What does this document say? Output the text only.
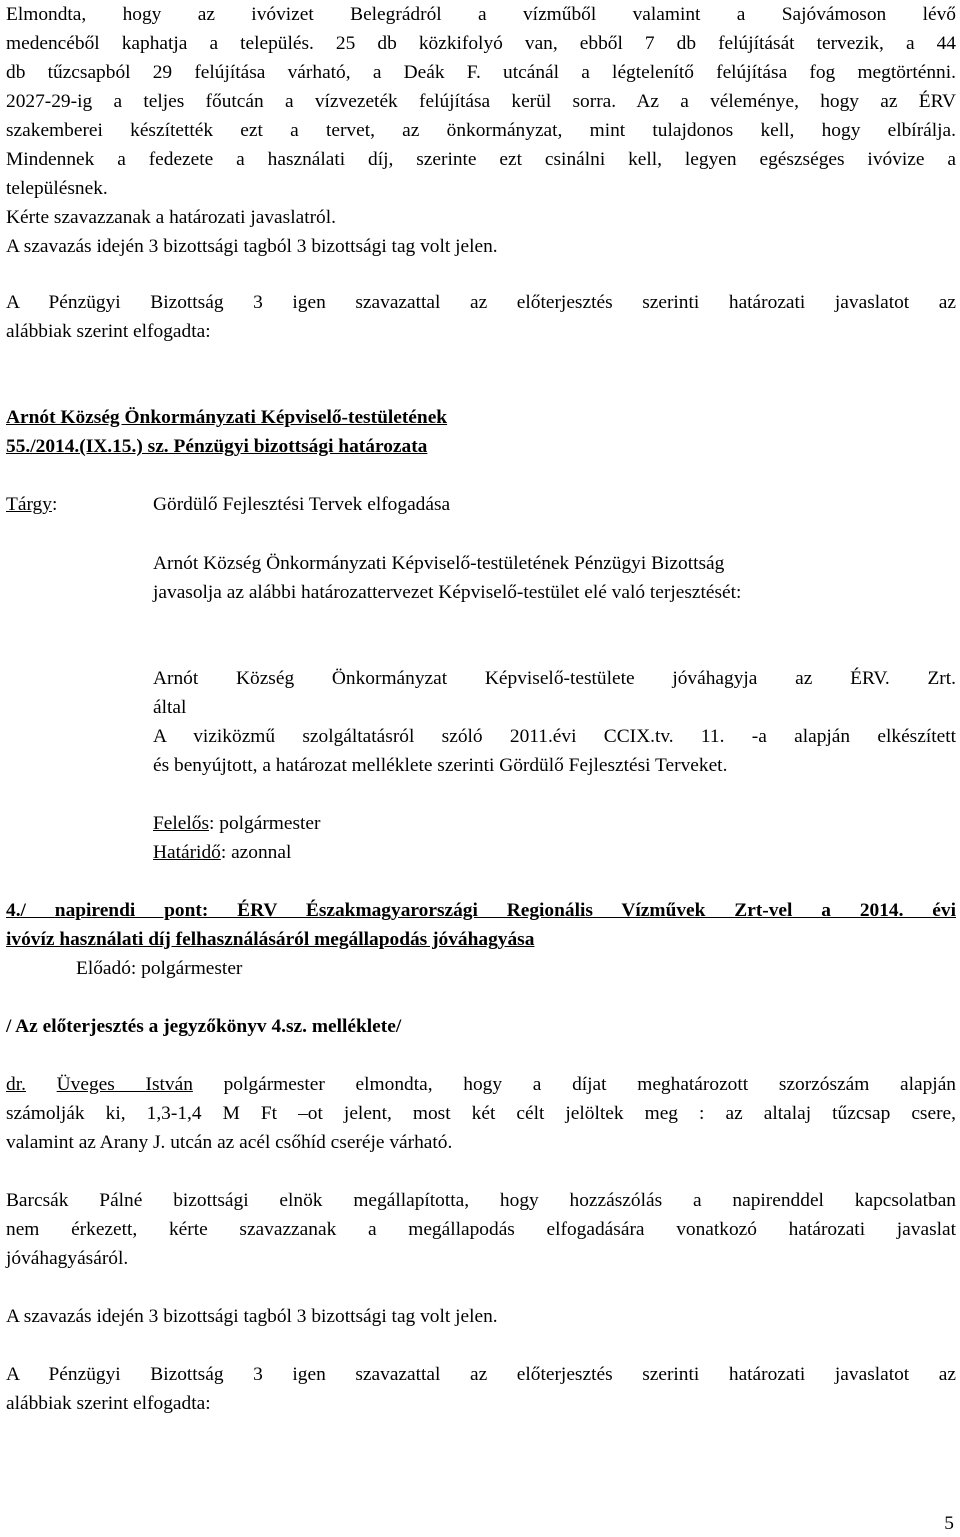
Elmondta, hogy az ivóvizet Belegrádról a vízműből valamint a Sajóvámoson lévő

medencéből kaphatja a település. 25 db közkifolyó van, ebből 7 db felújítását tervezik, a 44

db tűzcsapból 29 felújítása várható, a Deák F. utcánál a légtelenítő felújítása fog megtörténni.

2027-29-ig a teljes főutcán a vízvezeték felújítása kerül sorra. Az a véleménye, hogy az ÉRV

szakemberei készítették ezt a tervet, az önkormányzat, mint tulajdonos kell, hogy elbírálja.

Mindennek a fedezete a használati díj, szerinte ezt csinálni kell, legyen egészséges ivóvize a

településnek.

Kérte szavazzanak a határozati javaslatról.

A szavazás idején 3 bizottsági tagból 3 bizottsági tag volt jelen.

A Pénzügyi Bizottság 3 igen szavazattal az előterjesztés szerinti határozati javaslatot az

alábbiak szerint elfogadta:

Arnót Község Önkormányzati Képviselő-testületének

55./2014.(IX.15.) sz. Pénzügyi bizottsági határozata

Tárgy:	Gördülő Fejlesztési Tervek elfogadása

Arnót Község Önkormányzati Képviselő-testületének Pénzügyi Bizottság

javasolja az alábbi határozattervezet Képviselő-testület elé való terjesztését:

Arnót Község Önkormányzat Képviselő-testülete jóváhagyja az ÉRV. Zrt.

által

A viziközmű szolgáltatásról szóló 2011.évi CCIX.tv. 11. -a alapján elkészített

és benyújtott, a határozat melléklete szerinti Gördülő Fejlesztési Terveket.

Felelős: polgármester

Határidő: azonnal

4./ napirendi pont: ÉRV Északmagyarországi Regionális Vízművek Zrt-vel a 2014. évi

ivóvíz használati díj felhasználásáról megállapodás jóváhagyása

Előadó: polgármester

/ Az előterjesztés a jegyzőkönyv 4.sz. melléklete/

dr. Üveges István polgármester elmondta, hogy a díjat meghatározott szorzószám alapján

számolják ki, 1,3-1,4 M Ft –ot jelent, most két célt jelöltek meg : az altalaj tűzcsap csere,

valamint az Arany J. utcán az acél csőhíd cseréje várható.

Barcsák Pálné bizottsági elnök megállapította, hogy hozzászólás a napirenddel kapcsolatban

nem érkezett, kérte szavazzanak a megállapodás elfogadására vonatkozó határozati javaslat

jóváhagyásáról.

A szavazás idején 3 bizottsági tagból 3 bizottsági tag volt jelen.

A Pénzügyi Bizottság 3 igen szavazattal az előterjesztés szerinti határozati javaslatot az

alábbiak szerint elfogadta:

5
